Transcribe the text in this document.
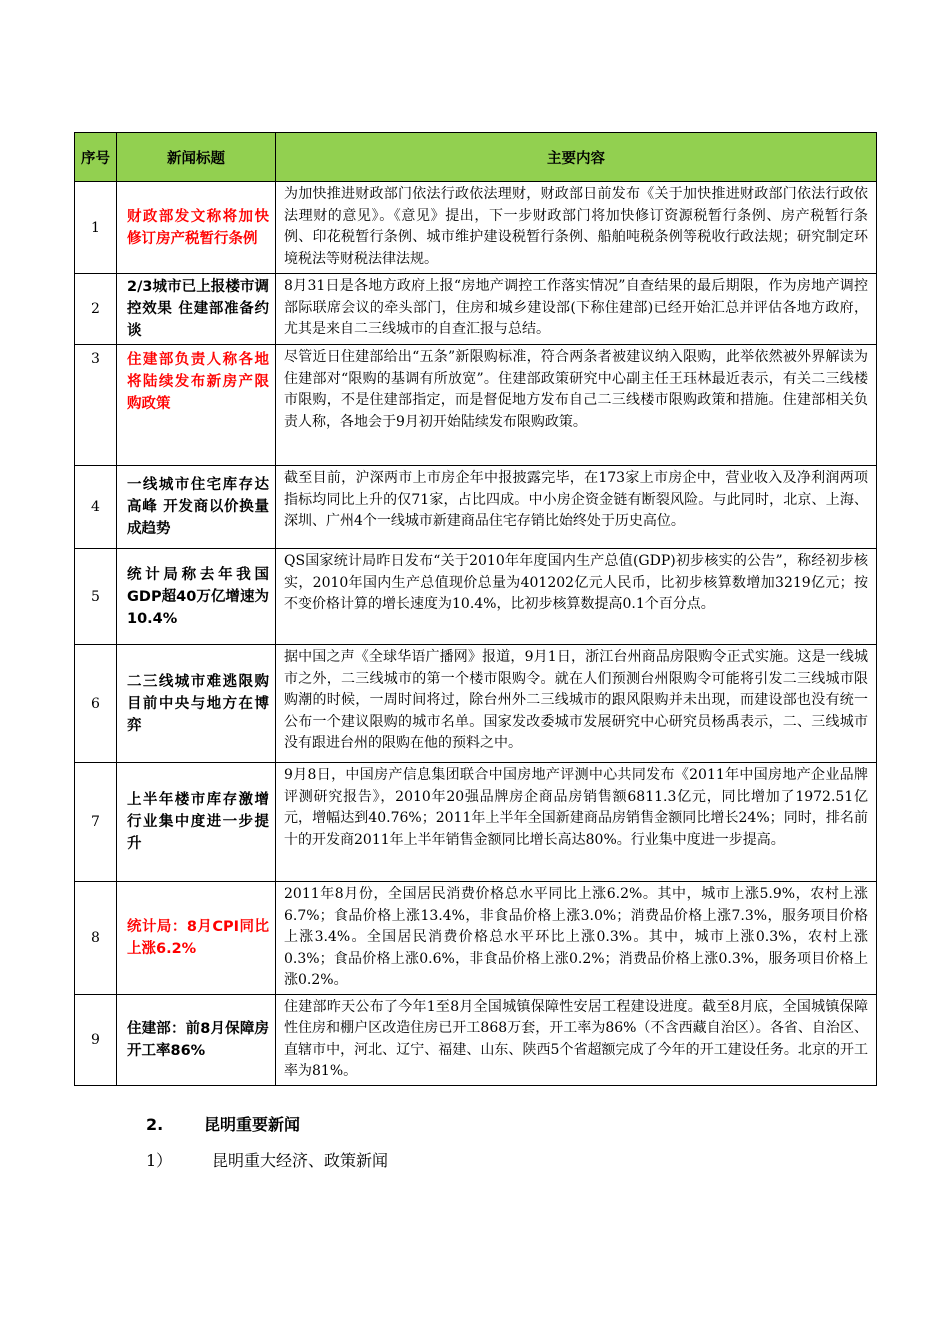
序号	新闻标题	主要内容
1	财政部发文称将加快修订房产税暂行条例	为加快推进财政部门依法行政依法理财，财政部日前发布《关于加快推进财政部门依法行政依法理财的意见》。《意见》提出，下一步财政部门将加快修订资源税暂行条例、房产税暂行条例、印花税暂行条例、城市维护建设税暂行条例、船舶吨税条例等税收行政法规；研究制定环境税法等财税法律法规。
2	2/3城市已上报楼市调控效果 住建部准备约谈	8月31日是各地方政府上报“房地产调控工作落实情况”自查结果的最后期限，作为房地产调控部际联席会议的牵头部门，住房和城乡建设部(下称住建部)已经开始汇总并评估各地方政府，尤其是来自二三线城市的自查汇报与总结。
3	住建部负责人称各地将陆续发布新房产限购政策	尽管近日住建部给出“五条”新限购标准，符合两条者被建议纳入限购，此举依然被外界解读为住建部对“限购的基调有所放宽”。住建部政策研究中心副主任王珏林最近表示，有关二三线楼市限购，不是住建部指定，而是督促地方发布自己二三线楼市限购政策和措施。住建部相关负责人称，各地会于9月初开始陆续发布限购政策。
4	一线城市住宅库存达高峰 开发商以价换量成趋势	截至目前，沪深两市上市房企年中报披露完毕，在173家上市房企中，营业收入及净利润两项指标均同比上升的仅71家，占比四成。中小房企资金链有断裂风险。与此同时，北京、上海、深圳、广州4个一线城市新建商品住宅存销比始终处于历史高位。
5	统计局称去年我国GDP超40万亿增速为10.4%	QS国家统计局昨日发布“关于2010年年度国内生产总值(GDP)初步核实的公告”，称经初步核实，2010年国内生产总值现价总量为401202亿元人民币，比初步核算数增加3219亿元；按不变价格计算的增长速度为10.4%，比初步核算数提高0.1个百分点。
6	二三线城市难逃限购 目前中央与地方在博弈	据中国之声《全球华语广播网》报道，9月1日，浙江台州商品房限购令正式实施。这是一线城市之外，二三线城市的第一个楼市限购令。就在人们预测台州限购令可能将引发二三线城市限购潮的时候，一周时间将过，除台州外二三线城市的跟风限购并未出现，而建设部也没有统一公布一个建议限购的城市名单。国家发改委城市发展研究中心研究员杨禹表示，二、三线城市没有跟进台州的限购在他的预料之中。
7	上半年楼市库存激增 行业集中度进一步提升	9月8日，中国房产信息集团联合中国房地产评测中心共同发布《2011年中国房地产企业品牌评测研究报告》，2010年20强品牌房企商品房销售额6811.3亿元，同比增加了1972.51亿元，增幅达到40.76%；2011年上半年全国新建商品房销售金额同比增长24%；同时，排名前十的开发商2011年上半年销售金额同比增长高达80%。行业集中度进一步提高。
8	统计局：8月CPI同比上涨6.2%	2011年8月份，全国居民消费价格总水平同比上涨6.2%。其中，城市上涨5.9%，农村上涨6.7%；食品价格上涨13.4%，非食品价格上涨3.0%；消费品价格上涨7.3%，服务项目价格上涨3.4%。全国居民消费价格总水平环比上涨0.3%。其中，城市上涨0.3%，农村上涨0.3%；食品价格上涨0.6%，非食品价格上涨0.2%；消费品价格上涨0.3%，服务项目价格上涨0.2%。
9	住建部：前8月保障房开工率86%	住建部昨天公布了今年1至8月全国城镇保障性安居工程建设进度。截至8月底，全国城镇保障性住房和棚户区改造住房已开工868万套，开工率为86%（不含西藏自治区）。各省、自治区、直辖市中，河北、辽宁、福建、山东、陕西5个省超额完成了今年的开工建设任务。北京的开工率为81%。
2.	昆明重要新闻
1） 昆明重大经济、政策新闻
